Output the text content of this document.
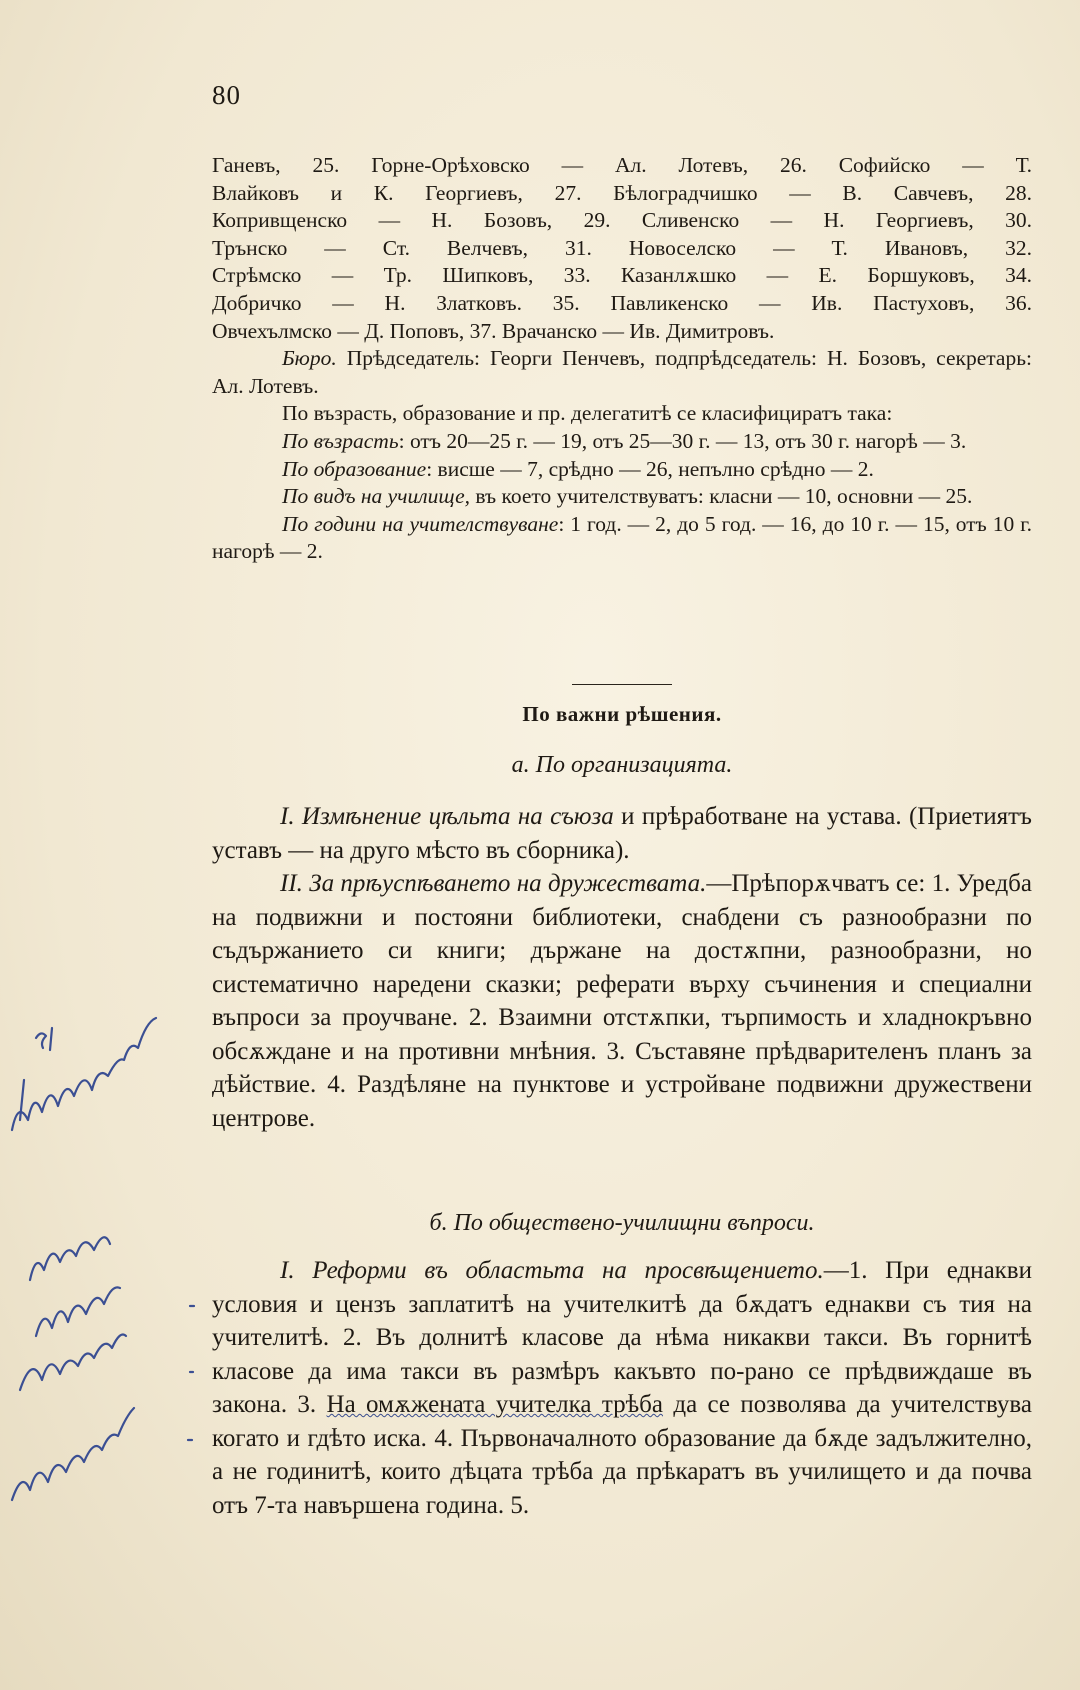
80

Ганевъ, 25. Горне-Орѣховско — Ал. Лотевъ, 26. Софийско — Т.

Влайковъ и К. Георгиевъ, 27. Бѣлоградчишко — В. Савчевъ, 28.

Копривщенско — Н. Бозовъ, 29. Сливенско — Н. Георгиевъ, 30.

Трънско — Ст. Велчевъ, 31. Новоселско — Т. Ивановъ, 32.

Стрѣмско — Тр. Шипковъ, 33. Казанлѫшко — Е. Боршуковъ, 34.

Добричко — Н. Златковъ. 35. Павликенско — Ив. Пастуховъ, 36.

Овчехълмско — Д. Поповъ, 37. Врачанско — Ив. Димитровъ.

Бюро. Прѣдседатель: Георги Пенчевъ, подпрѣдседатель: Н. Бозовъ, секретарь: Ал. Лотевъ.

По възрасть, образование и пр. делегатитѣ се класифициратъ така:

По възрасть: отъ 20—25 г. — 19, отъ 25—30 г. — 13, отъ 30 г. нагорѣ — 3.

По образование: висше — 7, срѣдно — 26, непълно срѣдно — 2.

По видъ на училище, въ което учителствуватъ: класни — 10, основни — 25.

По години на учителствуване: 1 год. — 2, до 5 год. — 16, до 10 г. — 15, отъ 10 г. нагорѣ — 2.

По важни рѣшения.
а. По организацията.

I. Измѣнение цѣльта на съюза и прѣработване на устава. (Приетиятъ уставъ — на друго мѣсто въ сборника).

II. За прѣуспѣването на дружествата.—Прѣпорѫчватъ се: 1. Уредба на подвижни и постояни библиотеки, снабдени съ разнообразни по съдържанието си книги; държане на достѫпни, разнообразни, но систематично наредени сказки; реферати върху съчинения и специални въпроси за проучване. 2. Взаимни отстѫпки, търпимость и хладнокръвно обсѫждане и на противни мнѣния. 3. Съставяне прѣдварителенъ планъ за дѣйствие. 4. Раздѣляне на пунктове и устройване подвижни дружествени центрове.

б. По обществено-училищни въпроси.

I. Реформи въ областьта на просвѣщението.—1. При еднакви условия и цензъ заплатитѣ на учителкитѣ да бѫдатъ еднакви съ тия на учителитѣ. 2. Въ долнитѣ класове да нѣма никакви такси. Въ горнитѣ класове да има такси въ размѣръ какъвто по-рано се прѣдвиждаше въ закона. 3. На омѫжената учителка трѣба да се позволява да учителствува когато и гдѣто иска. 4. Първоначалното образование да бѫде задължително, а не годинитѣ, които дѣцата трѣба да прѣкаратъ въ училището и да почва отъ 7-та навършена година. 5.
